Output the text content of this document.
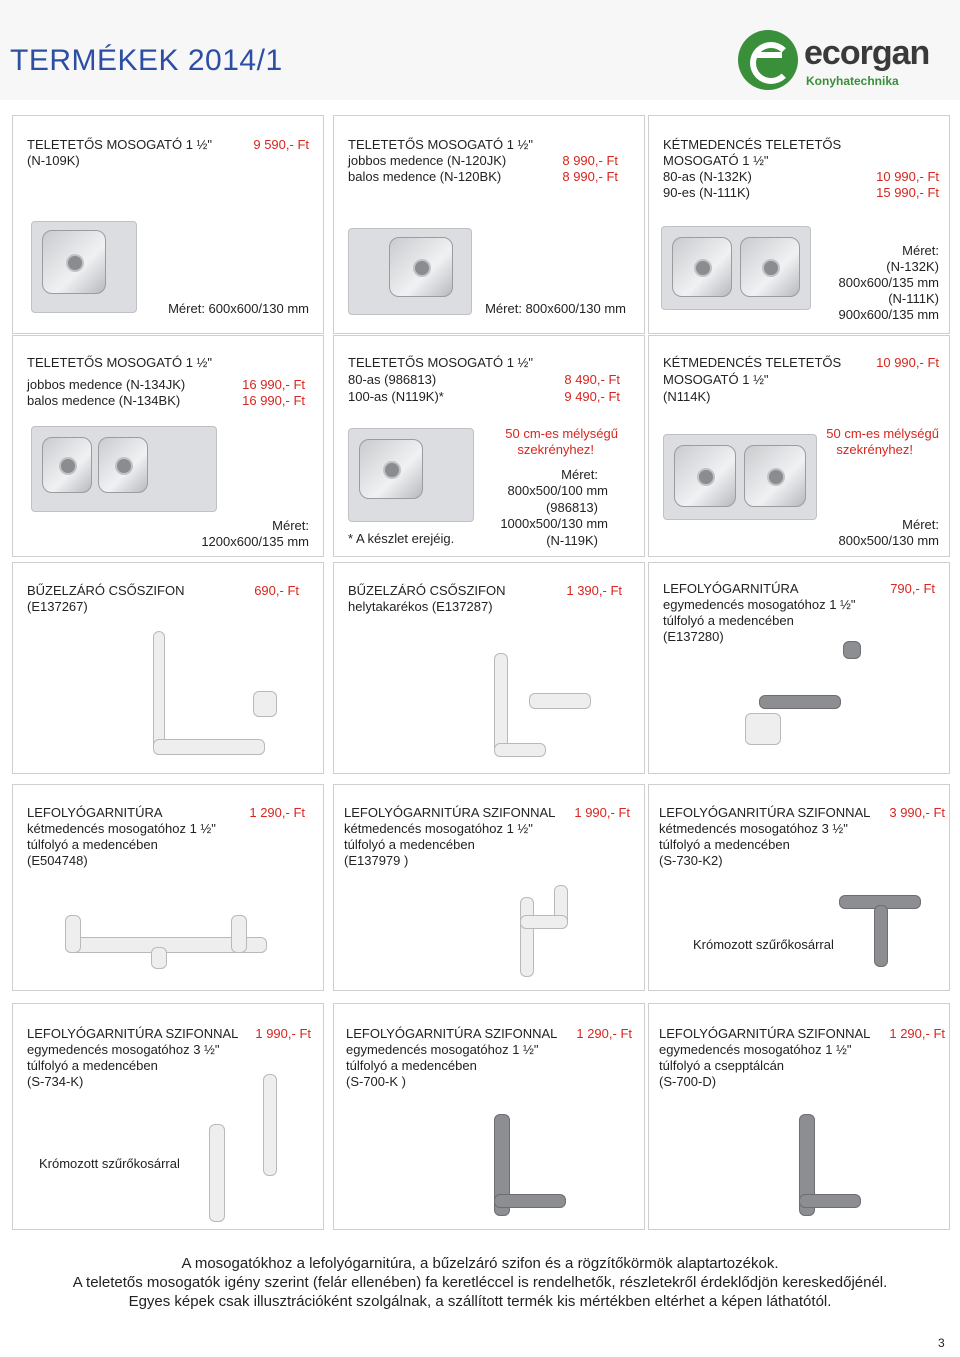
TERMÉKEK 2014/1	ecorgan
Konyhatechnika
TELETETŐS MOSOGATÓ 1 ½"
(N-109K)
9 590,- Ft
Méret: 600x600/130 mm
TELETETŐS MOSOGATÓ 1 ½"
jobbos medence (N-120JK)
balos medence (N-120BK)
8 990,- Ft
8 990,- Ft
Méret: 800x600/130 mm
KÉTMEDENCÉS TELETETŐS
MOSOGATÓ 1 ½"
80-as (N-132K)
90-es (N-111K)
10 990,- Ft
15 990,- Ft
Méret:
(N-132K)
800x600/135 mm
(N-111K)
900x600/135 mm
TELETETŐS MOSOGATÓ 1 ½"
jobbos medence (N-134JK)
balos medence (N-134BK)
16 990,- Ft
16 990,- Ft
Méret:
1200x600/135 mm
TELETETŐS MOSOGATÓ 1 ½"
80-as (986813)
100-as (N119K)*
8 490,- Ft
9 490,- Ft
50 cm-es mélységű
szekrényhez!
* A készlet erejéig.
Méret:
800x500/100 mm
(986813)
1000x500/130 mm
(N-119K)
KÉTMEDENCÉS TELETETŐS
MOSOGATÓ 1 ½"
(N114K)
10 990,- Ft
50 cm-es mélységű
szekrényhez!
Méret:
800x500/130 mm
BŰZELZÁRÓ CSŐSZIFON
(E137267)
690,- Ft	BŰZELZÁRÓ CSŐSZIFON
helytakarékos (E137287)
1 390,- Ft	LEFOLYÓGARNITÚRA
egymedencés mosogatóhoz 1 ½"
túlfolyó a medencében
(E137280)
790,- Ft
LEFOLYÓGARNITÚRA
kétmedencés mosogatóhoz 1 ½"
túlfolyó a medencében
(E504748)
1 290,- Ft	LEFOLYÓGARNITÚRA SZIFONNAL
kétmedencés mosogatóhoz 1 ½"
túlfolyó a medencében
(E137979 )
1 990,- Ft LEFOLYÓGANRITÚRA SZIFONNAL
kétmedencés mosogatóhoz 3 ½"
túlfolyó a medencében
(S-730-K2)
3 990,- Ft
Krómozott szűrőkosárral
LEFOLYÓGARNITÚRA SZIFONNAL
egymedencés mosogatóhoz 3 ½"
túlfolyó a medencében
(S-734-K)
1 990,- Ft
Krómozott szűrőkosárral
LEFOLYÓGARNITÚRA SZIFONNAL
egymedencés mosogatóhoz 1 ½"
túlfolyó a medencében
(S-700-K )
1 290,- Ft LEFOLYÓGARNITÚRA SZIFONNAL
egymedencés mosogatóhoz 1 ½"
túlfolyó a csepptálcán
(S-700-D)
1 290,- Ft
A mosogatókhoz a lefolyógarnitúra, a bűzelzáró szifon és a rögzítőkörmök alaptartozékok.
A teletetős mosogatók igény szerint (felár ellenében) fa keretléccel is rendelhetők, részletekről érdeklődjön kereskedőjénél.
Egyes képek csak illusztrációként szolgálnak, a szállított termék kis mértékben eltérhet a képen láthatótól.
3
